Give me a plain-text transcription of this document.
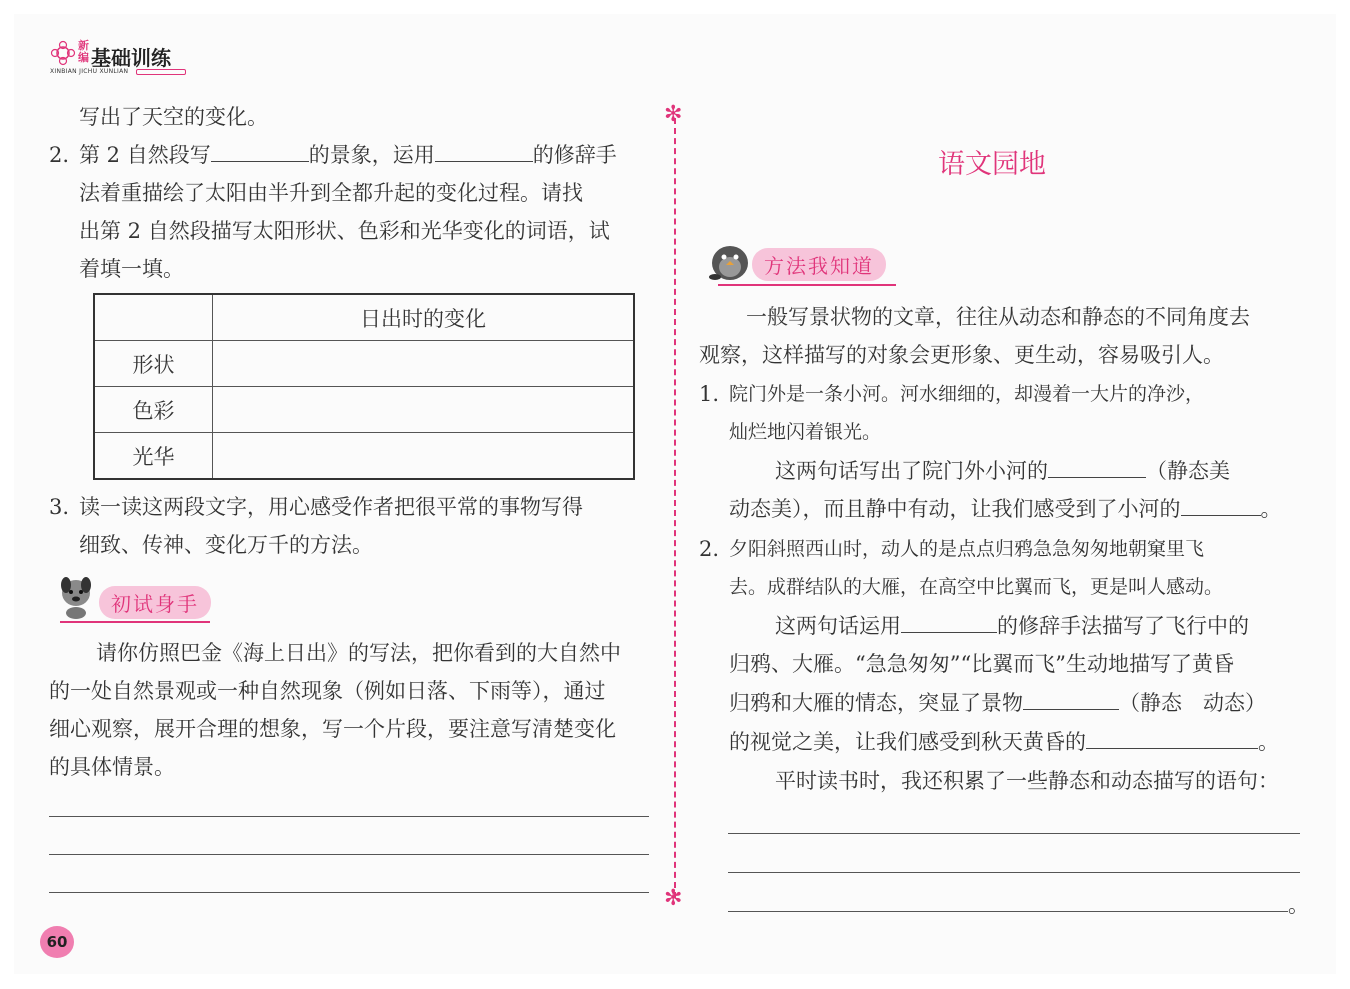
新
编 基础训练
XINBIAN JICHU XUNLIAN
写出了天空的变化。
2. 第 2 自然段写	的景象，运用	的修辞手
法着重描绘了太阳由半升到全都升起的变化过程。请找
出第 2 自然段描写太阳形状、色彩和光华变化的词语，试
着填一填。
	日出时的变化
形状	
色彩	
光华	
3. 读一读这两段文字，用心感受作者把很平常的事物写得
细致、传神、变化万千的方法。
初试身手
请你仿照巴金《海上日出》的写法，把你看到的大自然中
的一处自然景观或一种自然现象（例如日落、下雨等），通过
细心观察，展开合理的想象，写一个片段，要注意写清楚变化
的具体情景。
✻
✻
语文园地
方法我知道
一般写景状物的文章，往往从动态和静态的不同角度去
观察，这样描写的对象会更形象、更生动，容易吸引人。
1. 院门外是一条小河。河水细细的，却漫着一大片的净沙，
灿烂地闪着银光。
这两句话写出了院门外小河的	（静态美
动态美），而且静中有动，让我们感受到了小河的	。
2. 夕阳斜照西山时，动人的是点点归鸦急急匆匆地朝窠里飞
去。成群结队的大雁，在高空中比翼而飞，更是叫人感动。
这两句话运用	的修辞手法描写了飞行中的
归鸦、大雁。“急急匆匆”“比翼而飞”生动地描写了黄昏
归鸦和大雁的情态，突显了景物	（静态　动态）
的视觉之美，让我们感受到秋天黄昏的	。
平时读书时，我还积累了一些静态和动态描写的语句：
。
60
